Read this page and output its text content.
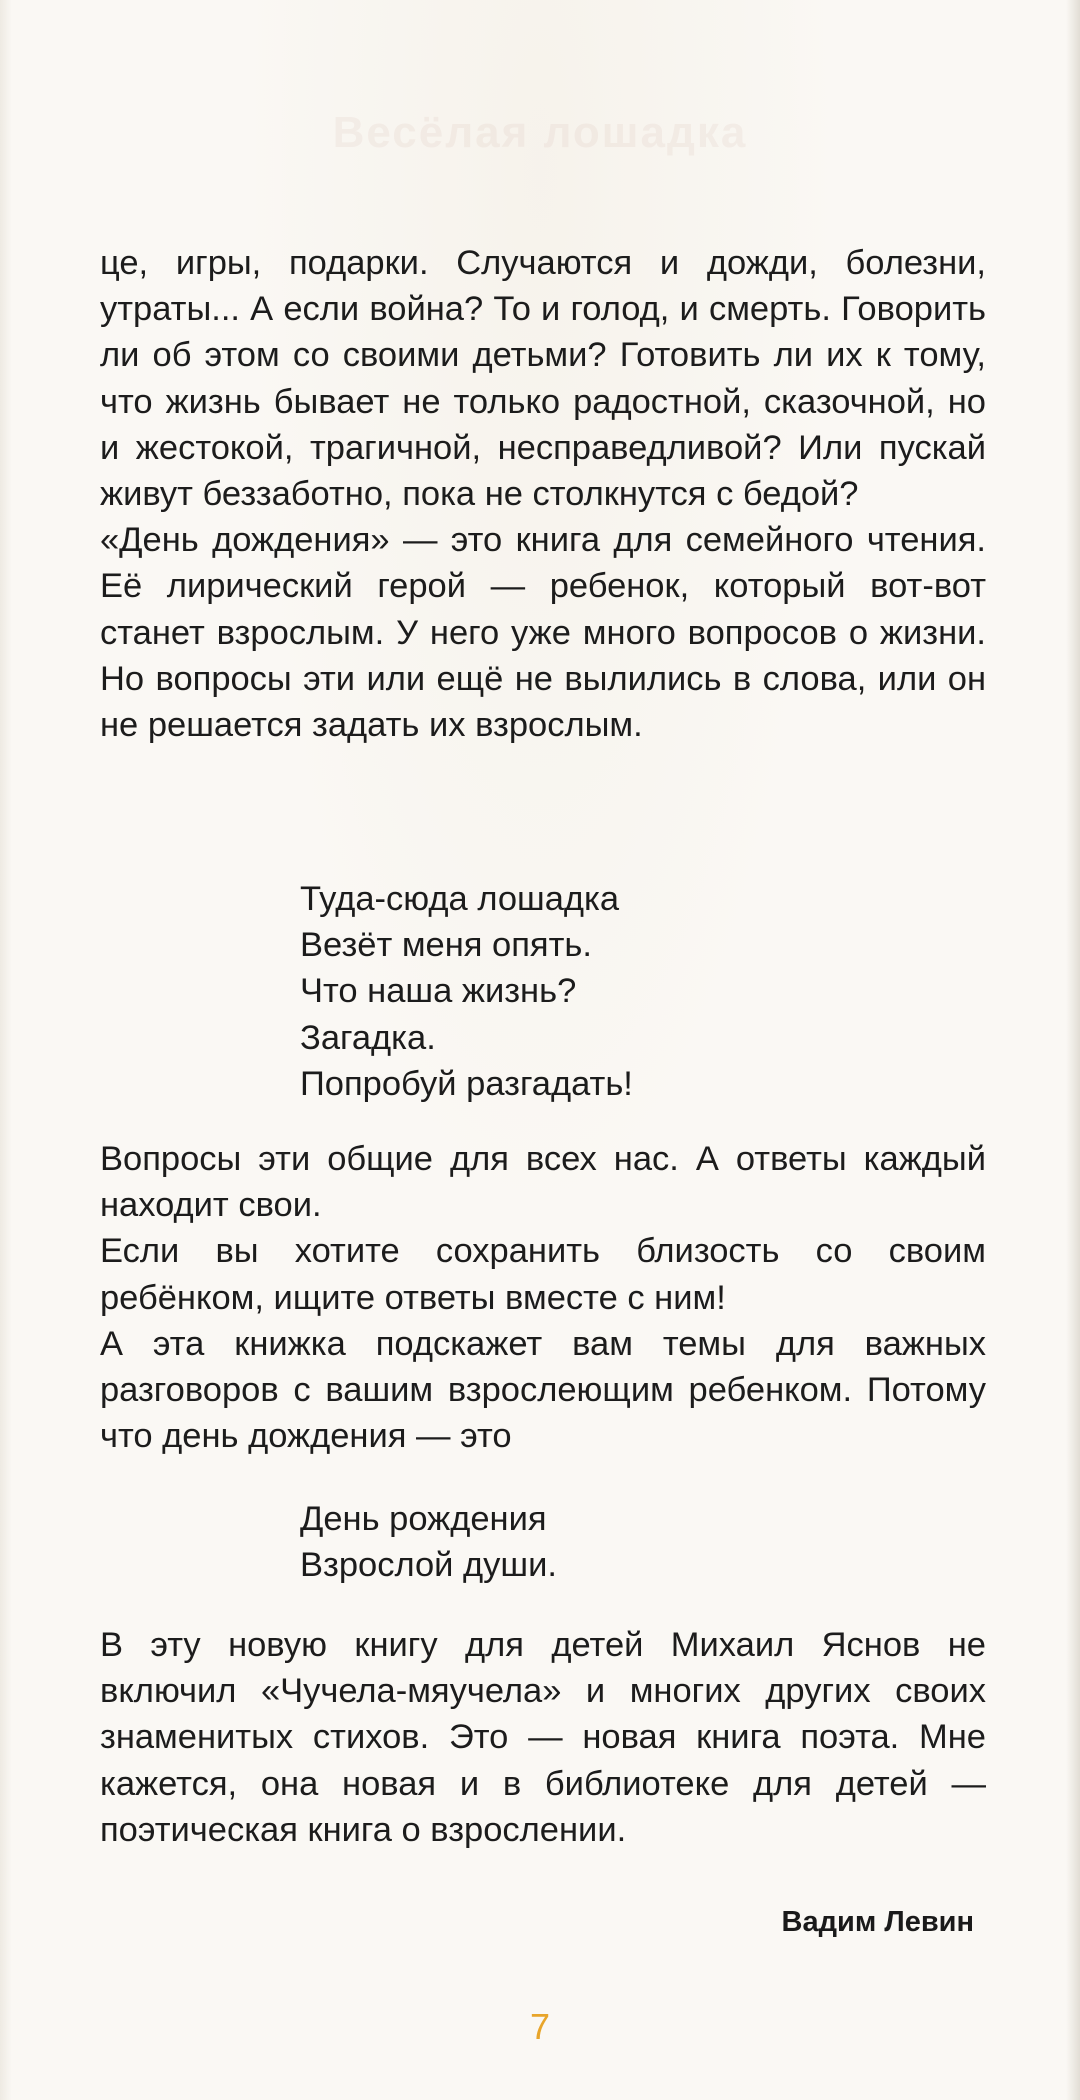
Весёлая лошадка

це, игры, подарки. Случаются и дожди, болезни, утраты... А если война? То и голод, и смерть. Говорить ли об этом со своими детьми? Готовить ли их к тому, что жизнь бывает не только радостной, сказочной, но и жестокой, трагичной, несправедливой? Или пускай живут беззаботно, пока не столкнутся с бедой?

«День дождения» — это книга для семейного чтения. Её лирический герой — ребенок, который вот-вот станет взрослым. У него уже много вопросов о жизни. Но вопросы эти или ещё не вылились в слова, или он не решается задать их взрослым.

Туда-сюда лошадка
Везёт меня опять.
Что наша жизнь?
Загадка.
Попробуй разгадать!

Вопросы эти общие для всех нас. А ответы каждый находит свои.

Если вы хотите сохранить близость со своим ребёнком, ищите ответы вместе с ним!

А эта книжка подскажет вам темы для важных разговоров с вашим взрослеющим ребенком. Потому что день дождения — это

День рождения
Взрослой души.

В эту новую книгу для детей Михаил Яснов не включил «Чучела-мяучела» и многих других своих знаменитых стихов. Это — новая книга поэта. Мне кажется, она новая и в библиотеке для детей — поэтическая книга о взрослении.

Вадим Левин
7
